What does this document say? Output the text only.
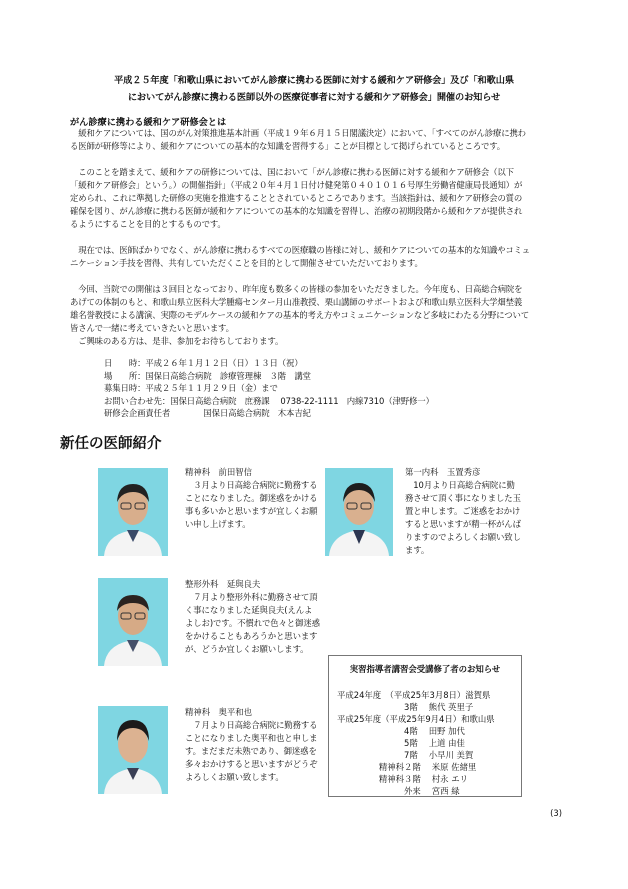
平成２５年度「和歌山県においてがん診療に携わる医師に対する緩和ケア研修会」及び「和歌山県
においてがん診療に携わる医師以外の医療従事者に対する緩和ケア研修会」開催のお知らせ
がん診療に携わる緩和ケア研修会とは
　緩和ケアについては、国のがん対策推進基本計画（平成１９年６月１５日閣議決定）において、「すべてのがん診療に携わる医師が研修等により、緩和ケアについての基本的な知識を習得する」ことが目標として掲げられているところです。
　このことを踏まえて、緩和ケアの研修については、国において「がん診療に携わる医師に対する緩和ケア研修会（以下「緩和ケア研修会」という。）の開催指針」（平成２０年４月１日付け健発第０４０１０１６号厚生労働省健康局長通知）が定められ、これに準拠した研修の実施を推進することとされているところであります。当該指針は、緩和ケア研修会の質の確保を図り、がん診療に携わる医師が緩和ケアについての基本的な知識を習得し、治療の初期段階から緩和ケアが提供されるようにすることを目的とするものです。
　現在では、医師ばかりでなく、がん診療に携わるすべての医療職の皆様に対し、緩和ケアについての基本的な知識やコミュニケーション手技を習得、共有していただくことを目的として開催させていただいております。
　今回、当院での開催は３回目となっており、昨年度も数多くの皆様の参加をいただきました。今年度も、日高総合病院をあげての体制のもと、和歌山県立医科大学腫瘍センター月山准教授、栗山講師のサポートおよび和歌山県立医科大学畑埜義雄名誉教授による講演、実際のモデルケースの緩和ケアの基本的考え方やコミュニケーションなど多岐にわたる分野について皆さんで一緒に考えていきたいと思います。
　ご興味のある方は、是非、参加をお待ちしております。
日　　時：平成２６年１月１２日（日）１３日（祝）
場　　所：国保日高総合病院　診療管理棟　３階　講堂
募集日時：平成２５年１１月２９日（金）まで
お問い合わせ先：国保日高総合病院　庶務課　 0738-22-1111　内線7310（津野修一）
研修会企画責任者　　　　国保日高総合病院　木本吉紀
新任の医師紹介
精神科　前田智信
　３月より日高総合病院に勤務することになりました。御迷惑をかける事も多いかと思いますが宜しくお願い申し上げます。
第一内科　玉置秀彦
　10月より日高総合病院に勤務させて頂く事になりました玉置と申します。ご迷惑をおかけすると思いますが精一杯がんばりますのでよろしくお願い致します。
整形外科　延與良夫
　７月より整形外科に勤務させて頂く事になりました延與良夫(えんよ　よしお)です。不慣れで色々と御迷惑をかけることもあろうかと思いますが、どうか宜しくお願いします。
精神科　奥平和也
　７月より日高総合病院に勤務することになりました奥平和也と申します。まだまだ未熟であり、御迷惑を多々おかけすると思いますがどうぞよろしくお願い致します。
実習指導者講習会受講修了者のお知らせ
平成24年度　（平成25年3月8日）滋賀県
　　　　　　　　3階　 熊代 英里子
平成25年度（平成25年9月4日）和歌山県
　　　　　　　　4階　 田野 加代
　　　　　　　　5階　 上道 由佳
　　　　　　　　7階　 小早川 美賀
　　　　　精神科２階　 米原 佐緒里
　　　　　精神科３階　 村永 エリ
　　　　　　　　外来　 宮西 緑
(3)
